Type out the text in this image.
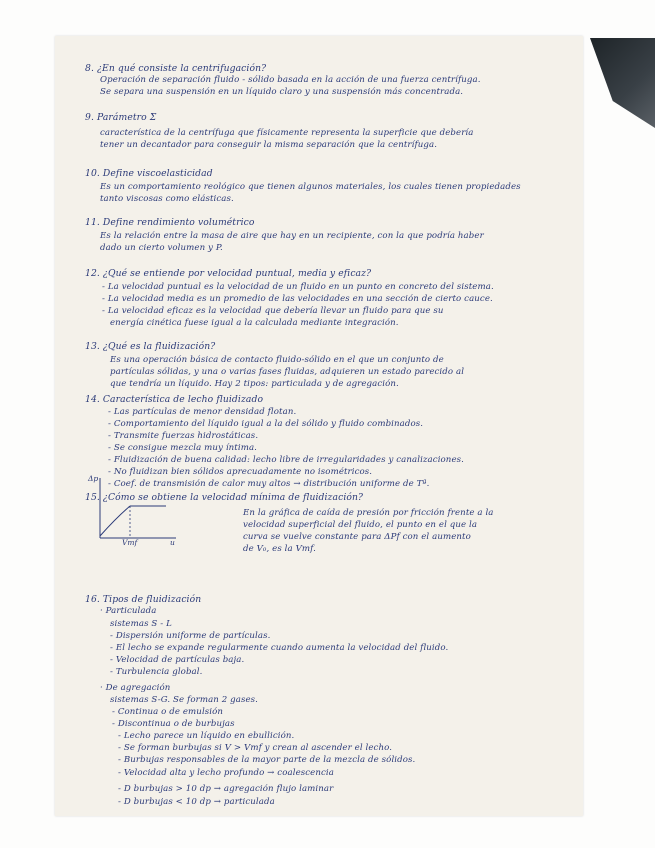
8. ¿En qué consiste la centrifugación?
Operación de separación fluido - sólido basada en la acción de una fuerza centrífuga.
Se separa una suspensión en un líquido claro y una suspensión más concentrada.
9. Parámetro Σ
característica de la centrífuga que físicamente representa la superficie que debería
tener un decantador para conseguir la misma separación que la centrífuga.
10. Define viscoelasticidad
Es un comportamiento reológico que tienen algunos materiales, los cuales tienen propiedades
tanto viscosas como elásticas.
11. Define rendimiento volumétrico
Es la relación entre la masa de aire que hay en un recipiente, con la que podría haber
dado un cierto volumen y P.
12. ¿Qué se entiende por velocidad puntual, media y eficaz?
- La velocidad puntual es la velocidad de un fluido en un punto en concreto del sistema.
- La velocidad media es un promedio de las velocidades en una sección de cierto cauce.
- La velocidad eficaz es la velocidad que debería llevar un fluido para que su
energía cinética fuese igual a la calculada mediante integración.
13. ¿Qué es la fluidización?
Es una operación básica de contacto fluido-sólido en el que un conjunto de
partículas sólidas, y una o varias fases fluidas, adquieren un estado parecido al
que tendría un líquido. Hay 2 tipos: particulada y de agregación.
14. Característica de lecho fluidizado
- Las partículas de menor densidad flotan.
- Comportamiento del líquido igual a la del sólido y fluido combinados.
- Transmite fuerzas hidrostáticas.
- Se consigue mezcla muy íntima.
- Fluidización de buena calidad: lecho libre de irregularidades y canalizaciones.
- No fluidizan bien sólidos aprecuadamente no isométricos.
- Coef. de transmisión de calor muy altos → distribución uniforme de Tª.
15. ¿Cómo se obtiene la velocidad mínima de fluidización?
En la gráfica de caída de presión por fricción frente a la
velocidad superficial del fluido, el punto en el que la
curva se vuelve constante para ΔPf con el aumento
de V₀, es la Vmf.
16. Tipos de fluidización
· Particulada
sistemas S - L
- Dispersión uniforme de partículas.
- El lecho se expande regularmente cuando aumenta la velocidad del fluido.
- Velocidad de partículas baja.
- Turbulencia global.
· De agregación
sistemas S-G. Se forman 2 gases.
- Continua o de emulsión
- Discontinua o de burbujas
- Lecho parece un líquido en ebullición.
- Se forman burbujas si V > Vmf y crean al ascender el lecho.
- Burbujas responsables de la mayor parte de la mezcla de sólidos.
- Velocidad alta y lecho profundo → coalescencia
- D burbujas > 10 dp → agregación flujo laminar
- D burbujas < 10 dp → particulada
Δp
Vmf	u
